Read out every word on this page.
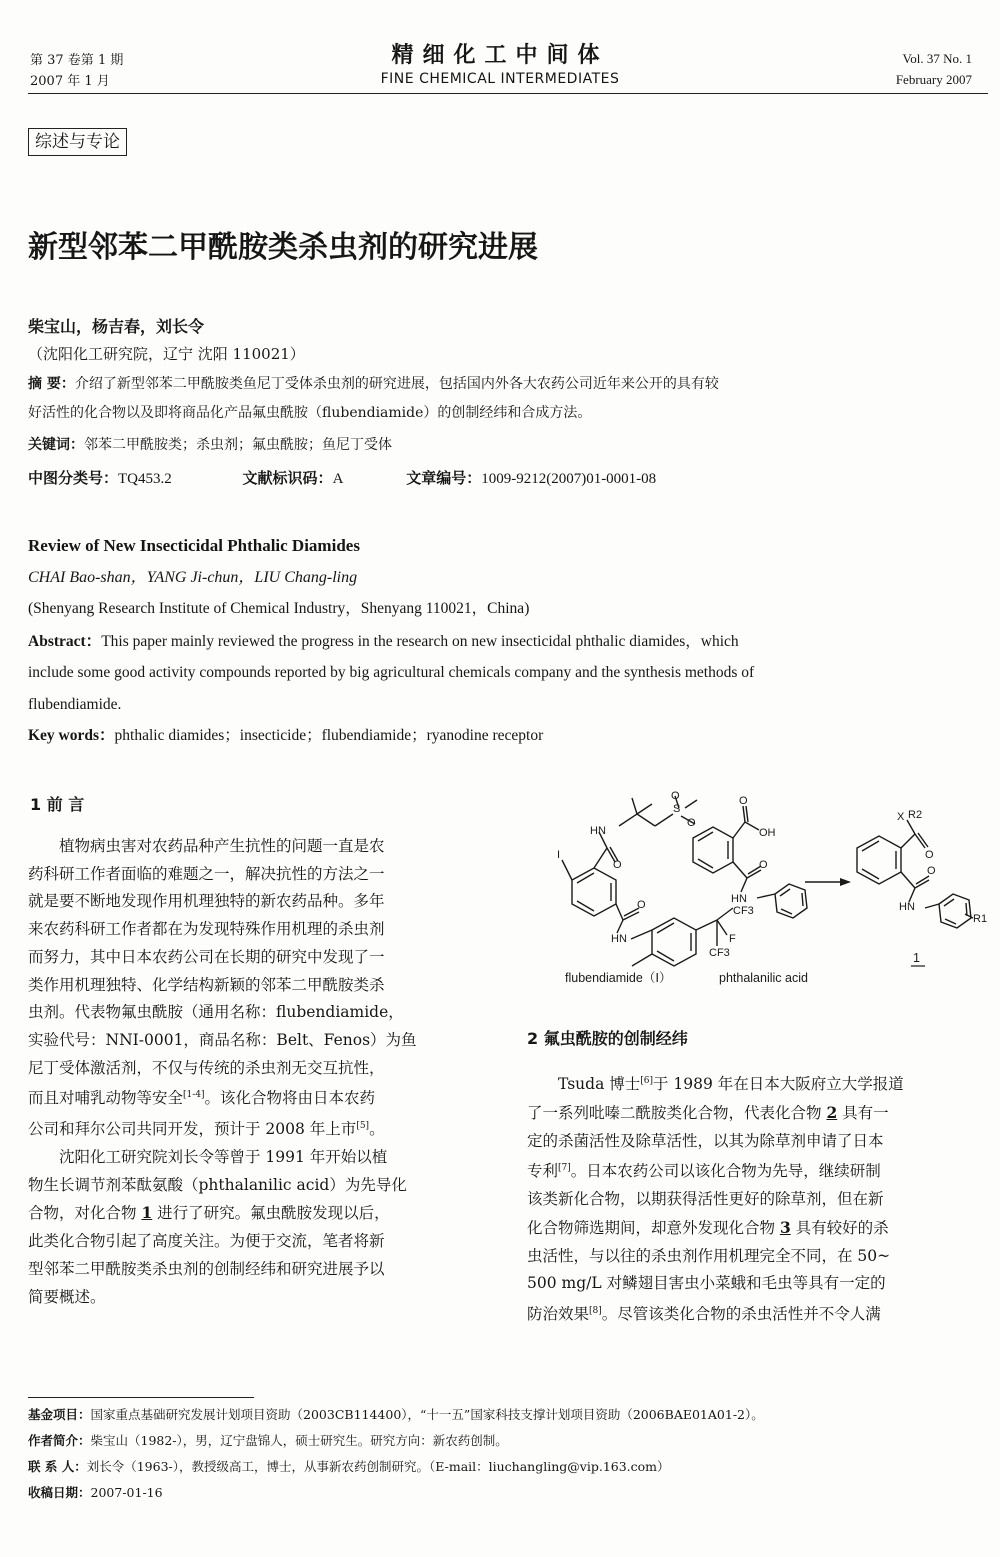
第 37 卷第 1 期
2007 年 1 月
精细化工中间体
FINE CHEMICAL INTERMEDIATES
Vol. 37 No. 1
February 2007
综述与专论
新型邻苯二甲酰胺类杀虫剂的研究进展
柴宝山，杨吉春，刘长令
（沈阳化工研究院，辽宁 沈阳 110021）
摘 要：介绍了新型邻苯二甲酰胺类鱼尼丁受体杀虫剂的研究进展，包括国内外各大农药公司近年来公开的具有较
好活性的化合物以及即将商品化产品氟虫酰胺（flubendiamide）的创制经纬和合成方法。
关键词：邻苯二甲酰胺类；杀虫剂；氟虫酰胺；鱼尼丁受体
中图分类号：TQ453.2	文献标识码：A	文章编号：1009-9212(2007)01-0001-08
Review of New Insecticidal Phthalic Diamides
CHAI Bao-shan，YANG Ji-chun，LIU Chang-ling
(Shenyang Research Institute of Chemical Industry，Shenyang 110021，China)
Abstract：This paper mainly reviewed the progress in the research on new insecticidal phthalic diamides，which
include some good activity compounds reported by big agricultural chemicals company and the synthesis methods of
flubendiamide.
Key words：phthalic diamides；insecticide；flubendiamide；ryanodine receptor
1 前 言
植物病虫害对农药品种产生抗性的问题一直是农
药科研工作者面临的难题之一，解决抗性的方法之一
就是要不断地发现作用机理独特的新农药品种。多年
来农药科研工作者都在为发现特殊作用机理的杀虫剂
而努力，其中日本农药公司在长期的研究中发现了一
类作用机理独特、化学结构新颖的邻苯二甲酰胺类杀
虫剂。代表物氟虫酰胺（通用名称：flubendiamide，
实验代号：NNI-0001，商品名称：Belt、Fenos）为鱼
尼丁受体激活剂，不仅与传统的杀虫剂无交互抗性，
而且对哺乳动物等安全[1-4]。该化合物将由日本农药
公司和拜尔公司共同开发，预计于 2008 年上市[5]。
沈阳化工研究院刘长令等曾于 1991 年开始以植
物生长调节剂苯酞氨酸（phthalanilic acid）为先导化
合物，对化合物 1 进行了研究。氟虫酰胺发现以后，
此类化合物引起了高度关注。为便于交流，笔者将新
型邻苯二甲酰胺类杀虫剂的创制经纬和研究进展予以
简要概述。
I
HN
O
S
O
O
O
HN
CF3
F
CF3
O
OH
O
HN
X R2
O
O
HN
R1
flubendiamide（Ⅰ）	phthalanilic acid
1
2 氟虫酰胺的创制经纬
Tsuda 博士[6]于 1989 年在日本大阪府立大学报道
了一系列吡嗪二酰胺类化合物，代表化合物 2 具有一
定的杀菌活性及除草活性，以其为除草剂申请了日本
专利[7]。日本农药公司以该化合物为先导，继续研制
该类新化合物，以期获得活性更好的除草剂，但在新
化合物筛选期间，却意外发现化合物 3 具有较好的杀
虫活性，与以往的杀虫剂作用机理完全不同，在 50~
500 mg/L 对鳞翅目害虫小菜蛾和毛虫等具有一定的
防治效果[8]。尽管该类化合物的杀虫活性并不令人满
基金项目：国家重点基础研究发展计划项目资助（2003CB114400），“十一五”国家科技支撑计划项目资助（2006BAE01A01-2）。
作者简介：柴宝山（1982-），男，辽宁盘锦人，硕士研究生。研究方向：新农药创制。
联 系 人：刘长令（1963-），教授级高工，博士，从事新农药创制研究。（E-mail：liuchangling@vip.163.com）
收稿日期：2007-01-16
